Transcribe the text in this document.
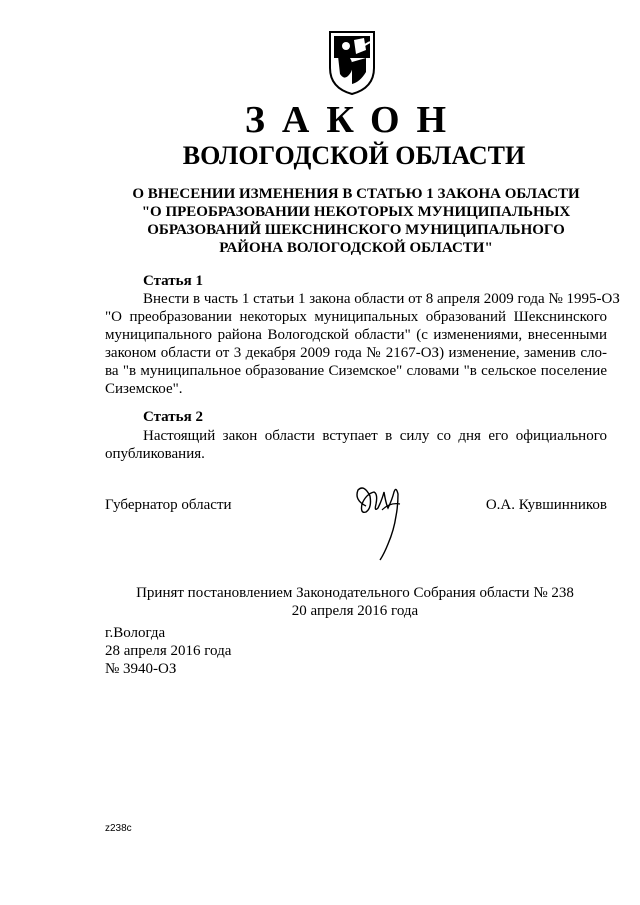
ЗАКОН
ВОЛОГОДСКОЙ ОБЛАСТИ
О ВНЕСЕНИИ ИЗМЕНЕНИЯ В СТАТЬЮ 1 ЗАКОНА ОБЛАСТИ
"О ПРЕОБРАЗОВАНИИ НЕКОТОРЫХ МУНИЦИПАЛЬНЫХ
ОБРАЗОВАНИЙ ШЕКСНИНСКОГО МУНИЦИПАЛЬНОГО
РАЙОНА ВОЛОГОДСКОЙ ОБЛАСТИ"
Статья 1
Внести в часть 1 статьи 1 закона области от 8 апреля 2009 года № 1995-ОЗ
"О преобразовании некоторых муниципальных образований Шекснинского
муниципального района Вологодской области" (с изменениями, внесенными
законом области от 3 декабря 2009 года № 2167-ОЗ) изменение, заменив сло-
ва "в муниципальное образование Сиземское" словами "в сельское поселение
Сиземское".
Статья 2
Настоящий закон области вступает в силу со дня его официального
опубликования.
Губернатор области	О.А. Кувшинников
Принят постановлением Законодательного Собрания области № 238
20 апреля 2016 года
г.Вологда
28 апреля 2016 года
№ 3940-ОЗ
z238c
